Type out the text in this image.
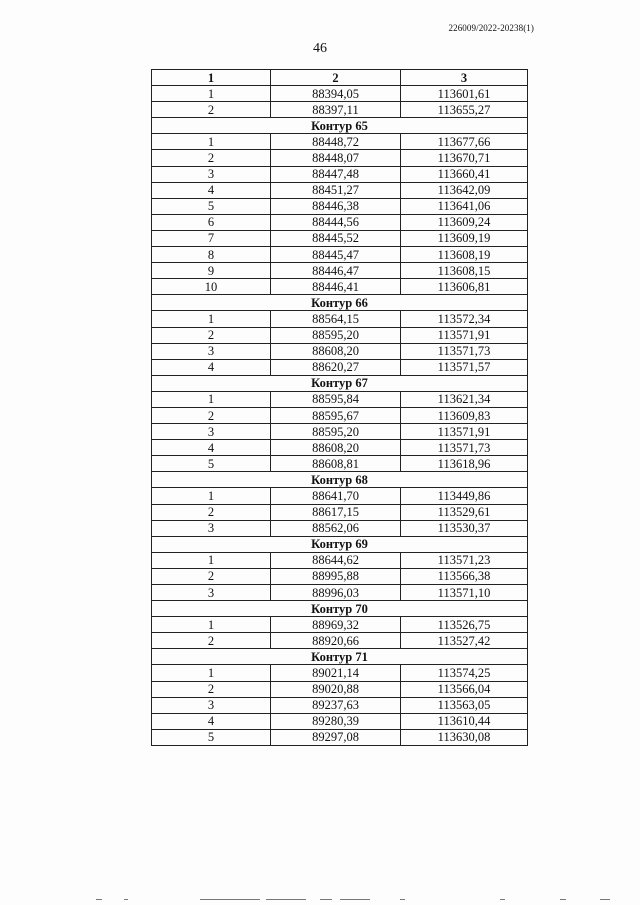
226009/2022-20238(1)
46
1	2	3
1	88394,05	113601,61
2	88397,11	113655,27
Контур 65		
1	88448,72	113677,66
2	88448,07	113670,71
3	88447,48	113660,41
4	88451,27	113642,09
5	88446,38	113641,06
6	88444,56	113609,24
7	88445,52	113609,19
8	88445,47	113608,19
9	88446,47	113608,15
10	88446,41	113606,81
Контур 66		
1	88564,15	113572,34
2	88595,20	113571,91
3	88608,20	113571,73
4	88620,27	113571,57
Контур 67		
1	88595,84	113621,34
2	88595,67	113609,83
3	88595,20	113571,91
4	88608,20	113571,73
5	88608,81	113618,96
Контур 68		
1	88641,70	113449,86
2	88617,15	113529,61
3	88562,06	113530,37
Контур 69		
1	88644,62	113571,23
2	88995,88	113566,38
3	88996,03	113571,10
Контур 70		
1	88969,32	113526,75
2	88920,66	113527,42
Контур 71		
1	89021,14	113574,25
2	89020,88	113566,04
3	89237,63	113563,05
4	89280,39	113610,44
5	89297,08	113630,08
